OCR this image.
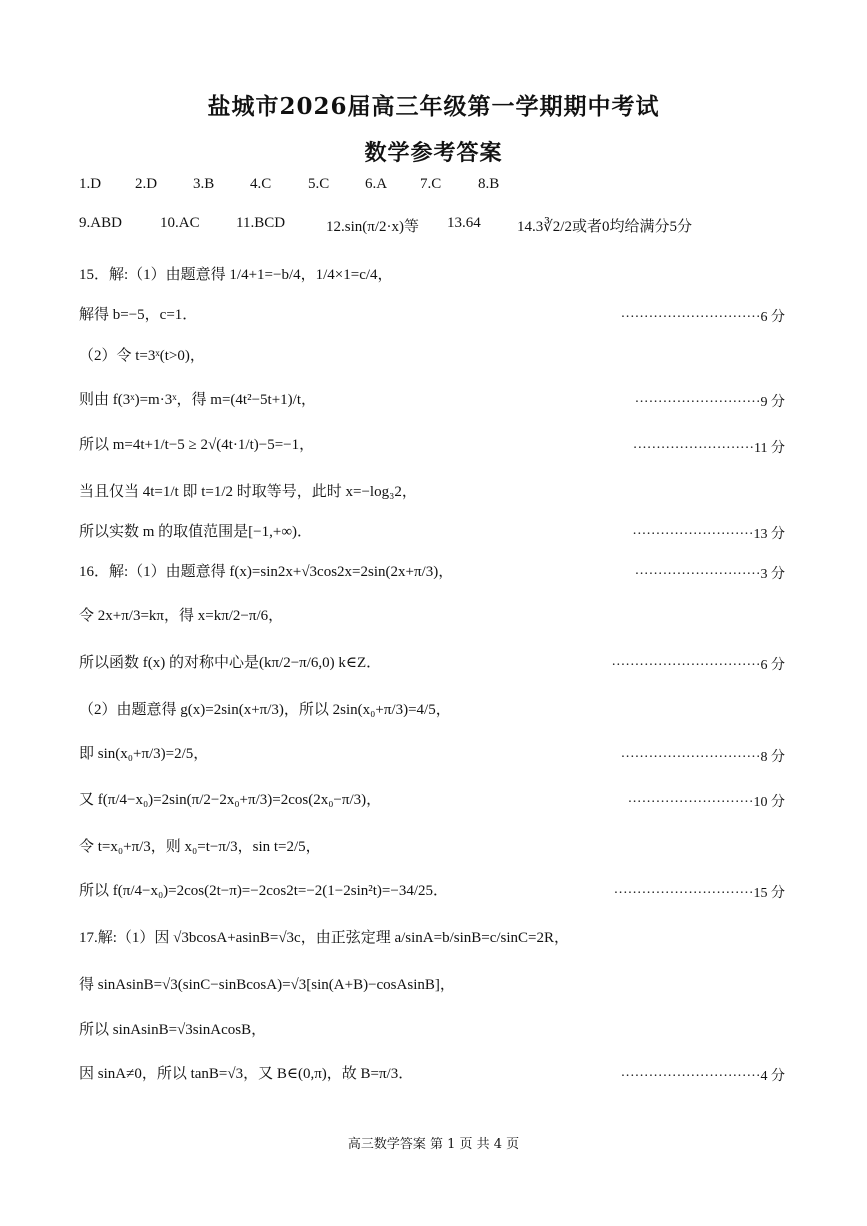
盐城市2026届高三年级第一学期期中考试
数学参考答案
1.D 2.D 3.B 4.C 5.C 6.A 7.C 8.B
9.ABD	10.AC 11.BCD	12.sin(π/2·x)等 13.64 14.3∛2/2或者0均给满分5分
15．解:（1）由题意得 1/4+1=−b/4，1/4×1=c/4，
解得 b=−5，c=1．	······························6 分
（2）令 t=3ˣ(t>0)，
则由 f(3ˣ)=m·3ˣ，得 m=(4t²−5t+1)/t，	···························9 分
所以 m=4t+1/t−5 ≥ 2√(4t·1/t)−5=−1，	··························11 分
当且仅当 4t=1/t 即 t=1/2 时取等号，此时 x=−log₃2，
所以实数 m 的取值范围是[−1,+∞)．	··························13 分
16．解:（1）由题意得 f(x)=sin2x+√3cos2x=2sin(2x+π/3)，	···························3 分
令 2x+π/3=kπ，得 x=kπ/2−π/6，
所以函数 f(x) 的对称中心是(kπ/2−π/6,0) k∈Z．	································6 分
（2）由题意得 g(x)=2sin(x+π/3)，所以 2sin(x₀+π/3)=4/5，
即 sin(x₀+π/3)=2/5，	······························8 分
又 f(π/4−x₀)=2sin(π/2−2x₀+π/3)=2cos(2x₀−π/3)，	···························10 分
令 t=x₀+π/3，则 x₀=t−π/3，sin t=2/5，
所以 f(π/4−x₀)=2cos(2t−π)=−2cos2t=−2(1−2sin²t)=−34/25．	······························15 分
17.解:（1）因 √3bcosA+asinB=√3c，由正弦定理 a/sinA=b/sinB=c/sinC=2R，
得 sinAsinB=√3(sinC−sinBcosA)=√3[sin(A+B)−cosAsinB]，
所以 sinAsinB=√3sinAcosB，
因 sinA≠0，所以 tanB=√3，又 B∈(0,π)，故 B=π/3．	······························4 分
高三数学答案 第 1 页 共 4 页
